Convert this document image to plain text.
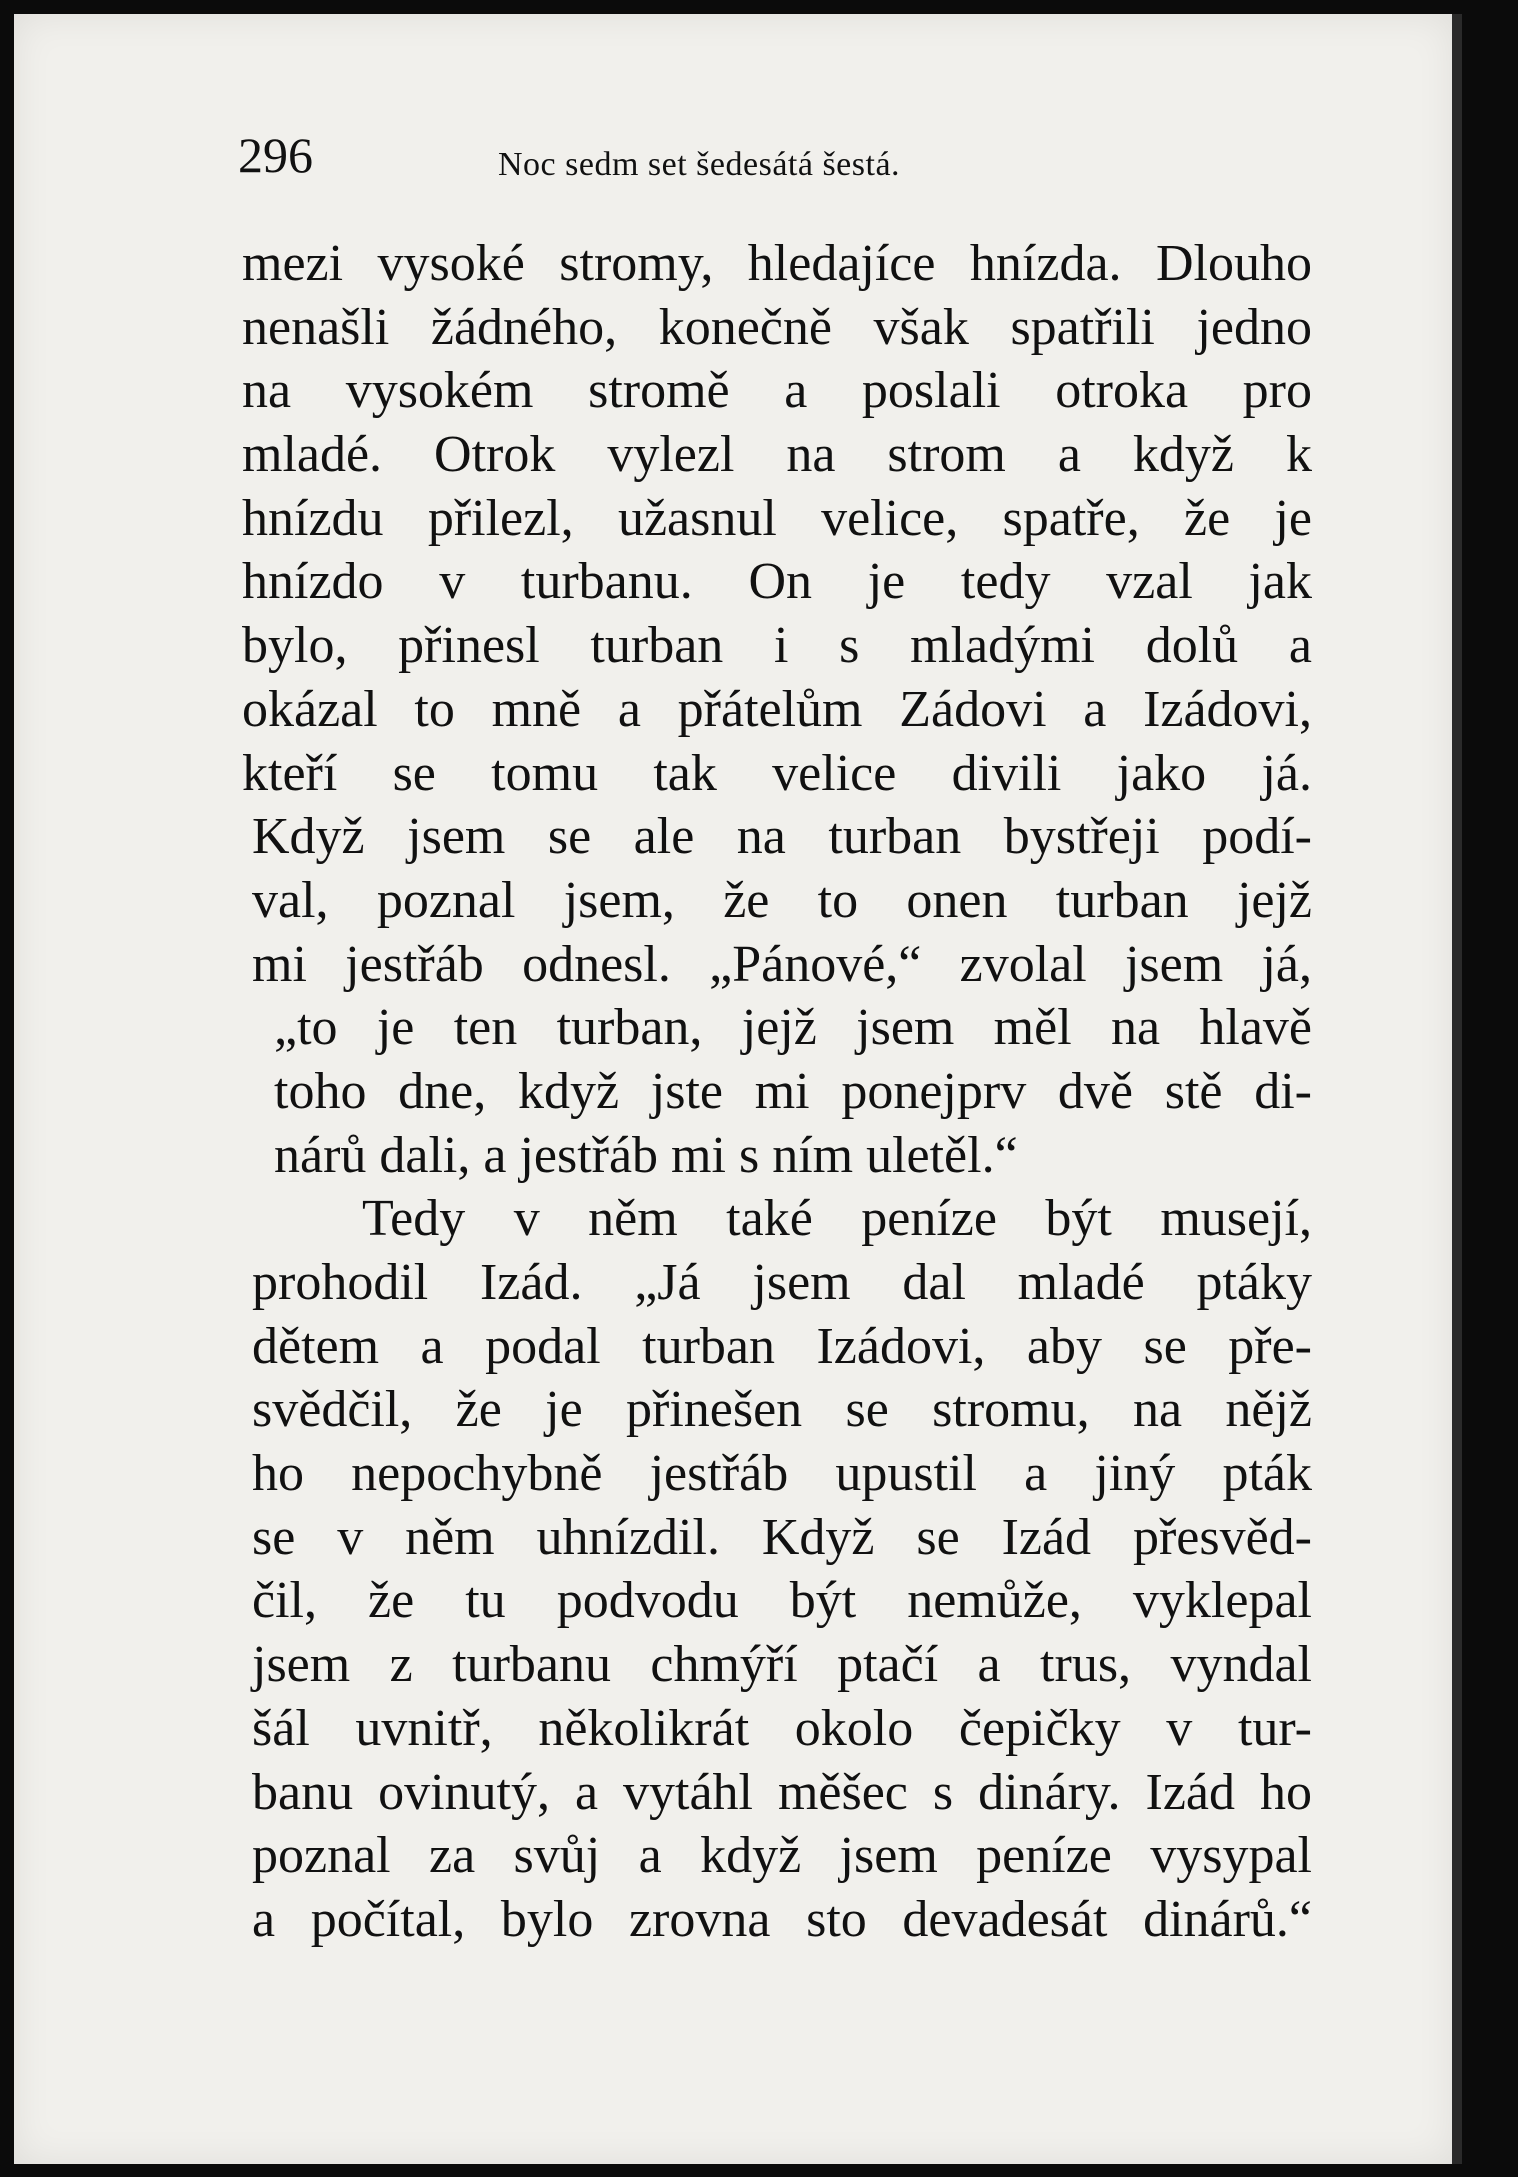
296	Noc sedm set šedesátá šestá.
mezi vysoké stromy, hledajíce hnízda. Dlouho
nenašli žádného, konečně však spatřili jedno
na vysokém stromě a poslali otroka pro
mladé. Otrok vylezl na strom a když k
hnízdu přilezl, užasnul velice, spatře, že je
hnízdo v turbanu. On je tedy vzal jak
bylo, přinesl turban i s mladými dolů a
okázal to mně a přátelům Zádovi a Izádovi,
kteří se tomu tak velice divili jako já.
Když jsem se ale na turban bystřeji podí-
val, poznal jsem, že to onen turban jejž
mi jestřáb odnesl. „Pánové,“ zvolal jsem já,
„to je ten turban, jejž jsem měl na hlavě
toho dne, když jste mi ponejprv dvě stě di-
nárů dali, a jestřáb mi s ním uletěl.“
Tedy v něm také peníze být musejí,
prohodil Izád. „Já jsem dal mladé ptáky
dětem a podal turban Izádovi, aby se pře-
svědčil, že je přinešen se stromu, na nějž
ho nepochybně jestřáb upustil a jiný pták
se v něm uhnízdil. Když se Izád přesvěd-
čil, že tu podvodu být nemůže, vyklepal
jsem z turbanu chmýří ptačí a trus, vyndal
šál uvnitř, několikrát okolo čepičky v tur-
banu ovinutý, a vytáhl měšec s dináry. Izád ho
poznal za svůj a když jsem peníze vysypal
a počítal, bylo zrovna sto devadesát dinárů.“
